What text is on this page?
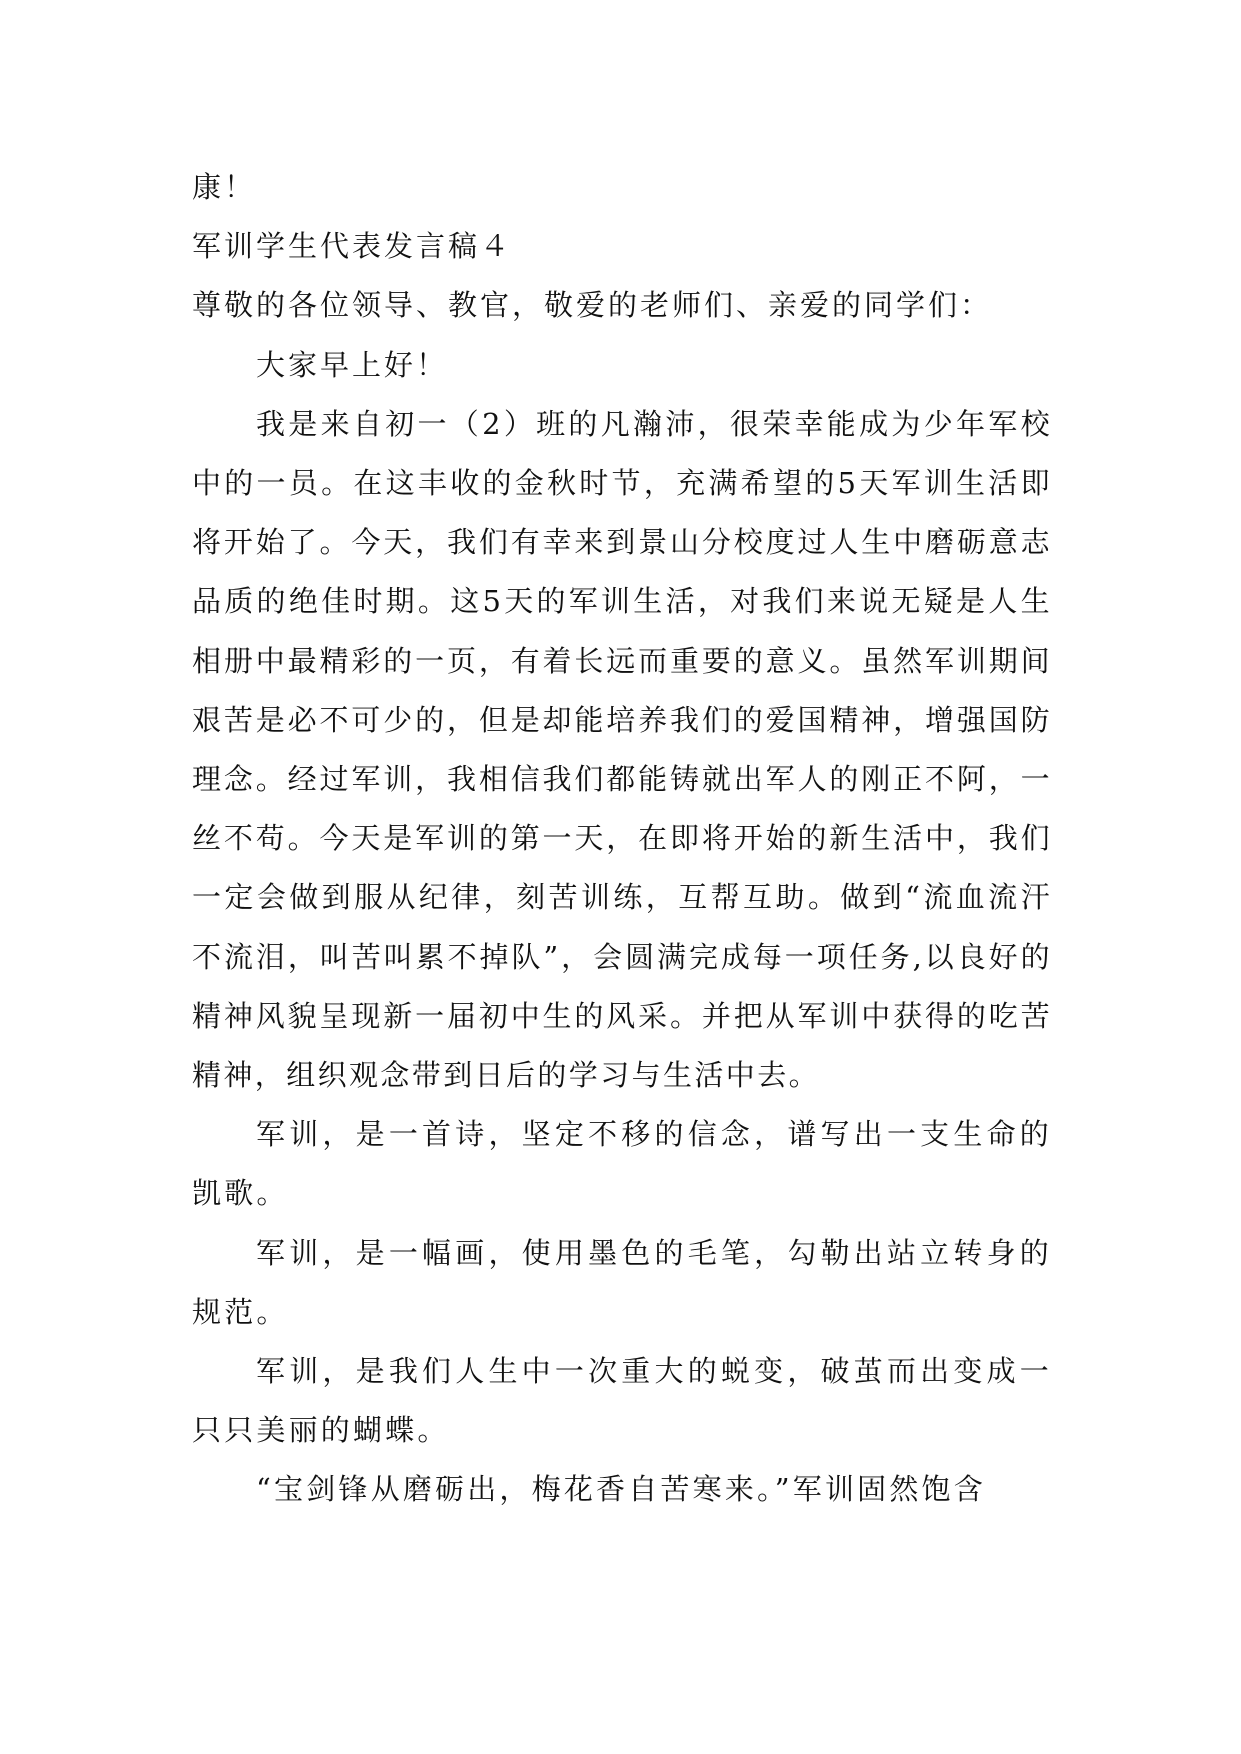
康！
军训学生代表发言稿４
尊敬的各位领导、教官，敬爱的老师们、亲爱的同学们：
大家早上好！

我是来自初一（2）班的凡瀚沛，很荣幸能成为少年军校中的一员。在这丰收的金秋时节，充满希望的5天军训生活即将开始了。今天，我们有幸来到景山分校度过人生中磨砺意志品质的绝佳时期。这5天的军训生活，对我们来说无疑是人生相册中最精彩的一页，有着长远而重要的意义。虽然军训期间艰苦是必不可少的，但是却能培养我们的爱国精神，增强国防理念。经过军训，我相信我们都能铸就出军人的刚正不阿，一丝不苟。今天是军训的第一天，在即将开始的新生活中，我们一定会做到服从纪律，刻苦训练，互帮互助。做到“流血流汗不流泪，叫苦叫累不掉队”，会圆满完成每一项任务,以良好的精神风貌呈现新一届初中生的风采。并把从军训中获得的吃苦精神，组织观念带到日后的学习与生活中去。

军训，是一首诗，坚定不移的信念，谱写出一支生命的凯歌。

军训，是一幅画，使用墨色的毛笔，勾勒出站立转身的规范。

军训，是我们人生中一次重大的蜕变，破茧而出变成一只只美丽的蝴蝶。

“宝剑锋从磨砺出，梅花香自苦寒来。”军训固然饱含
